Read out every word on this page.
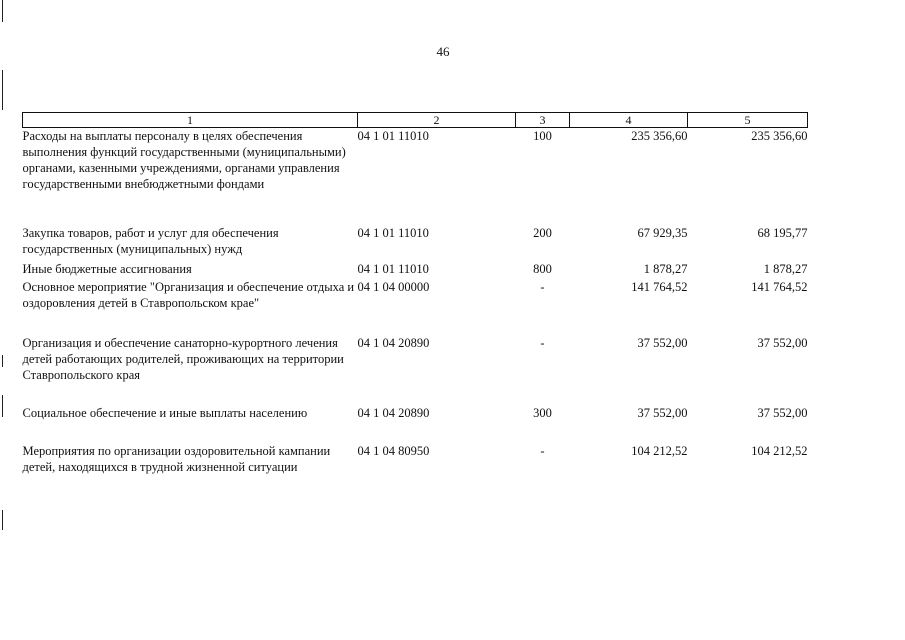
46
1	2	3	4	5
Расходы на выплаты персоналу в целях обеспечения выполнения функций государственными (муниципальными) органами, казенными учреждениями, органами управления государственными внебюджетными фондами	04 1 01 11010	100	235 356,60	235 356,60
Закупка товаров, работ и услуг для обеспечения государственных (муниципальных) нужд	04 1 01 11010	200	67 929,35	68 195,77
Иные бюджетные ассигнования	04 1 01 11010	800	1 878,27	1 878,27
Основное мероприятие "Организация и обеспечение отдыха и оздоровления детей в Ставропольском крае"	04 1 04 00000	-	141 764,52	141 764,52
Организация и обеспечение санаторно-курортного лечения детей работающих родителей, проживающих на территории Ставропольского края	04 1 04 20890	-	37 552,00	37 552,00
Социальное обеспечение и иные выплаты населению	04 1 04 20890	300	37 552,00	37 552,00
Мероприятия по организации оздоровительной кампании детей, находящихся в трудной жизненной ситуации	04 1 04 80950	-	104 212,52	104 212,52
